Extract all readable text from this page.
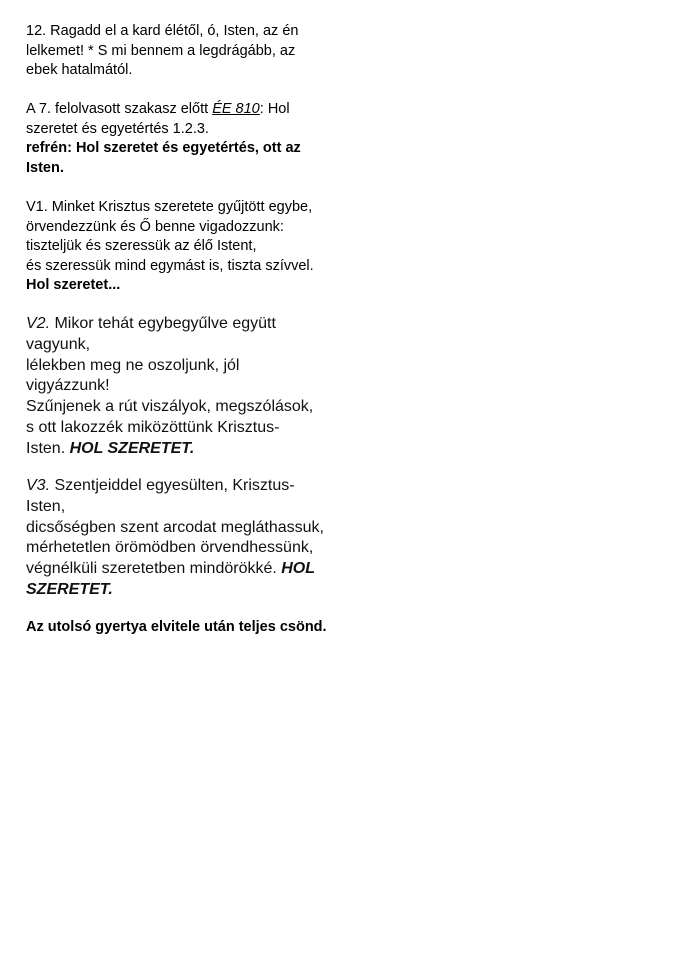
12. Ragadd el a kard élétől, ó, Isten, az én
lelkemet! * S mi bennem a legdrágább, az
ebek hatalmától.
A 7. felolvasott szakasz előtt ÉE 810: Hol
szeretet és egyetértés 1.2.3.
refrén: Hol szeretet és egyetértés, ott az
Isten.
V1. Minket Krisztus szeretete gyűjtött egybe,
örvendezzünk és Ő benne vigadozzunk:
tiszteljük és szeressük az élő Istent,
és szeressük mind egymást is, tiszta szívvel.
Hol szeretet...
V2. Mikor tehát egybegyűlve együtt
vagyunk,
lélekben meg ne oszoljunk, jól
vigyázzunk!
Szűnjenek a rút viszályok, megszólások,
s ott lakozzék miközöttünk Krisztus-
Isten. HOL SZERETET.
V3. Szentjeiddel egyesülten, Krisztus-
Isten,
dicsőségben szent arcodat megláthassuk,
mérhetetlen örömödben örvendhessünk,
végnélküli szeretetben mindörökké. HOL
SZERETET.
Az utolsó gyertya elvitele után teljes csönd.
